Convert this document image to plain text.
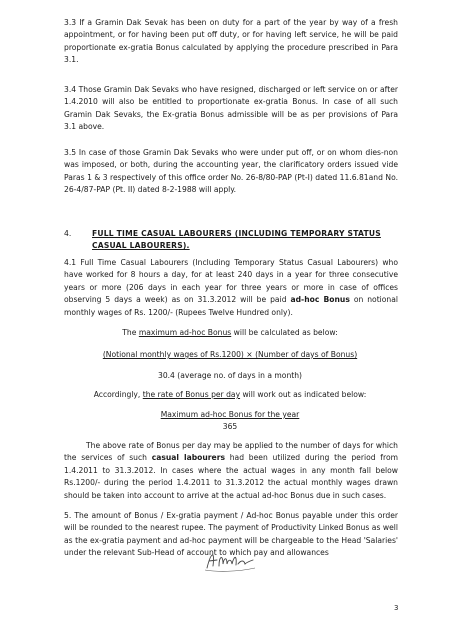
3.3 If a Gramin Dak Sevak has been on duty for a part of the year by way of a fresh appointment, or for having been put off duty, or for having left service, he will be paid proportionate ex-gratia Bonus calculated by applying the procedure prescribed in Para 3.1.

3.4 Those Gramin Dak Sevaks who have resigned, discharged or left service on or after 1.4.2010 will also be entitled to proportionate ex-gratia Bonus. In case of all such Gramin Dak Sevaks, the Ex-gratia Bonus admissible will be as per provisions of Para 3.1 above.

3.5 In case of those Gramin Dak Sevaks who were under put off, or on whom dies-non was imposed, or both, during the accounting year, the clarificatory orders issued vide Paras 1 & 3 respectively of this office order No. 26-8/80-PAP (Pt-I) dated 11.6.81and No. 26-4/87-PAP (Pt. II) dated 8-2-1988 will apply.

4.	FULL TIME CASUAL LABOURERS (INCLUDING TEMPORARY STATUS
CASUAL LABOURERS).

4.1 Full Time Casual Labourers (Including Temporary Status Casual Labourers) who have worked for 8 hours a day, for at least 240 days in a year for three consecutive years or more (206 days in each year for three years or more in case of offices observing 5 days a week) as on 31.3.2012 will be paid ad-hoc Bonus on notional monthly wages of Rs. 1200/- (Rupees Twelve Hundred only).

The maximum ad-hoc Bonus will be calculated as below:
(Notional monthly wages of Rs.1200) × (Number of days of Bonus)
30.4 (average no. of days in a month)
Accordingly, the rate of Bonus per day will work out as indicated below:
Maximum ad-hoc Bonus for the year
365

The above rate of Bonus per day may be applied to the number of days for which the services of such casual labourers had been utilized during the period from 1.4.2011 to 31.3.2012. In cases where the actual wages in any month fall below Rs.1200/- during the period 1.4.2011 to 31.3.2012 the actual monthly wages drawn should be taken into account to arrive at the actual ad-hoc Bonus due in such cases.

5. The amount of Bonus / Ex-gratia payment / Ad-hoc Bonus payable under this order will be rounded to the nearest rupee. The payment of Productivity Linked Bonus as well as the ex-gratia payment and ad-hoc payment will be chargeable to the Head 'Salaries' under the relevant Sub-Head of account to which pay and allowances

3
